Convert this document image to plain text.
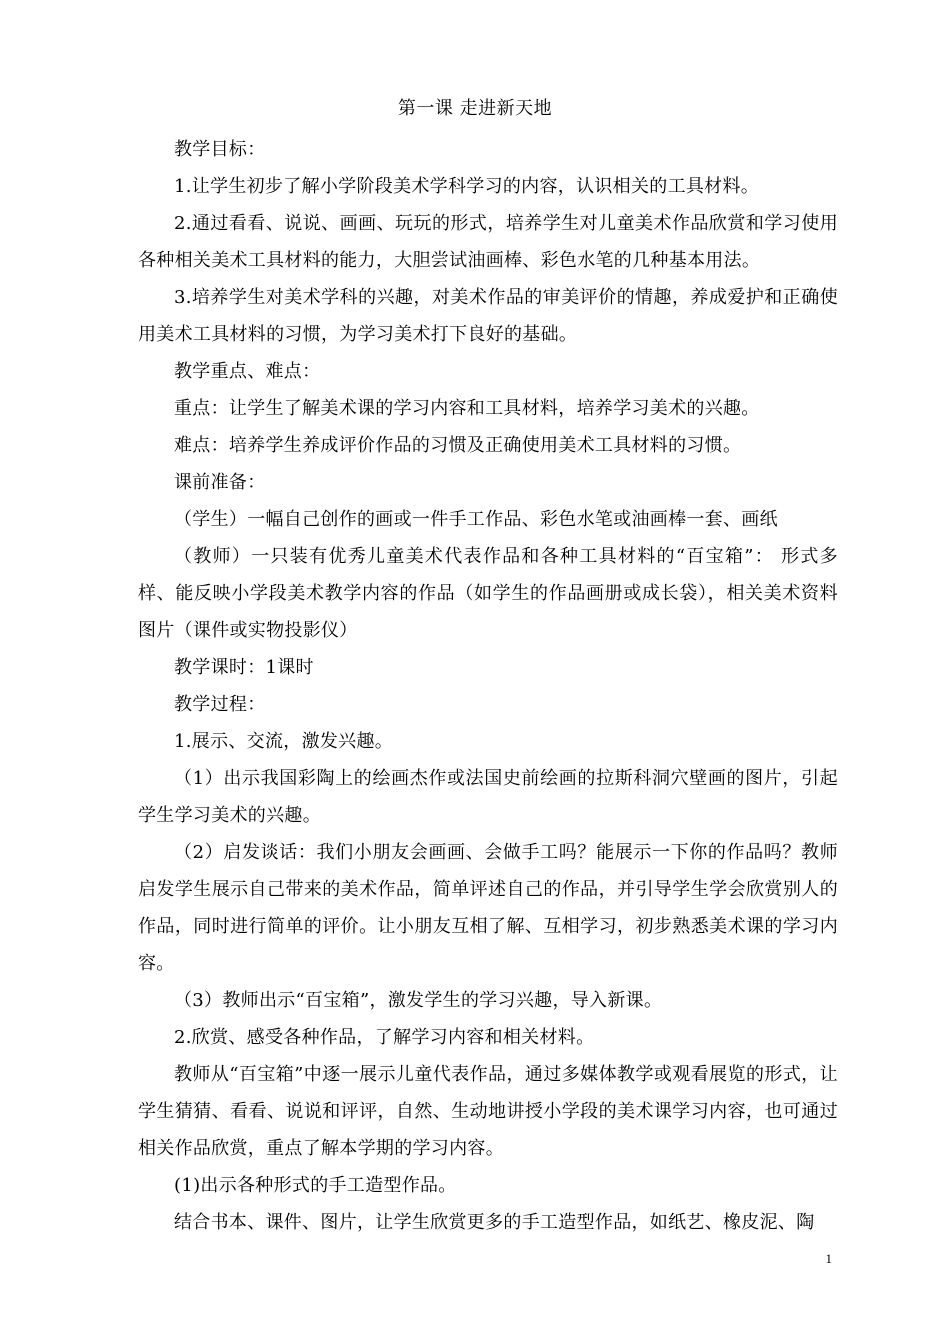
第一课 走进新天地

教学目标：

1.让学生初步了解小学阶段美术学科学习的内容，认识相关的工具材料。

2.通过看看、说说、画画、玩玩的形式，培养学生对儿童美术作品欣赏和学习使用各种相关美术工具材料的能力，大胆尝试油画棒、彩色水笔的几种基本用法。

3.培养学生对美术学科的兴趣，对美术作品的审美评价的情趣，养成爱护和正确使用美术工具材料的习惯，为学习美术打下良好的基础。

教学重点、难点：

重点：让学生了解美术课的学习内容和工具材料，培养学习美术的兴趣。

难点：培养学生养成评价作品的习惯及正确使用美术工具材料的习惯。

课前准备：

（学生）一幅自己创作的画或一件手工作品、彩色水笔或油画棒一套、画纸

（教师）一只装有优秀儿童美术代表作品和各种工具材料的“百宝箱”： 形式多样、能反映小学段美术教学内容的作品（如学生的作品画册或成长袋），相关美术资料图片（课件或实物投影仪）

教学课时：1课时

教学过程：

1.展示、交流，激发兴趣。

（1）出示我国彩陶上的绘画杰作或法国史前绘画的拉斯科洞穴壁画的图片，引起学生学习美术的兴趣。

（2）启发谈话：我们小朋友会画画、会做手工吗？能展示一下你的作品吗？教师启发学生展示自己带来的美术作品，简单评述自己的作品，并引导学生学会欣赏别人的作品，同时进行简单的评价。让小朋友互相了解、互相学习，初步熟悉美术课的学习内容。

（3）教师出示“百宝箱”，激发学生的学习兴趣，导入新课。

2.欣赏、感受各种作品，了解学习内容和相关材料。

教师从“百宝箱”中逐一展示儿童代表作品，通过多媒体教学或观看展览的形式，让学生猜猜、看看、说说和评评，自然、生动地讲授小学段的美术课学习内容，也可通过相关作品欣赏，重点了解本学期的学习内容。

(1)出示各种形式的手工造型作品。

结合书本、课件、图片，让学生欣赏更多的手工造型作品，如纸艺、橡皮泥、陶

1
